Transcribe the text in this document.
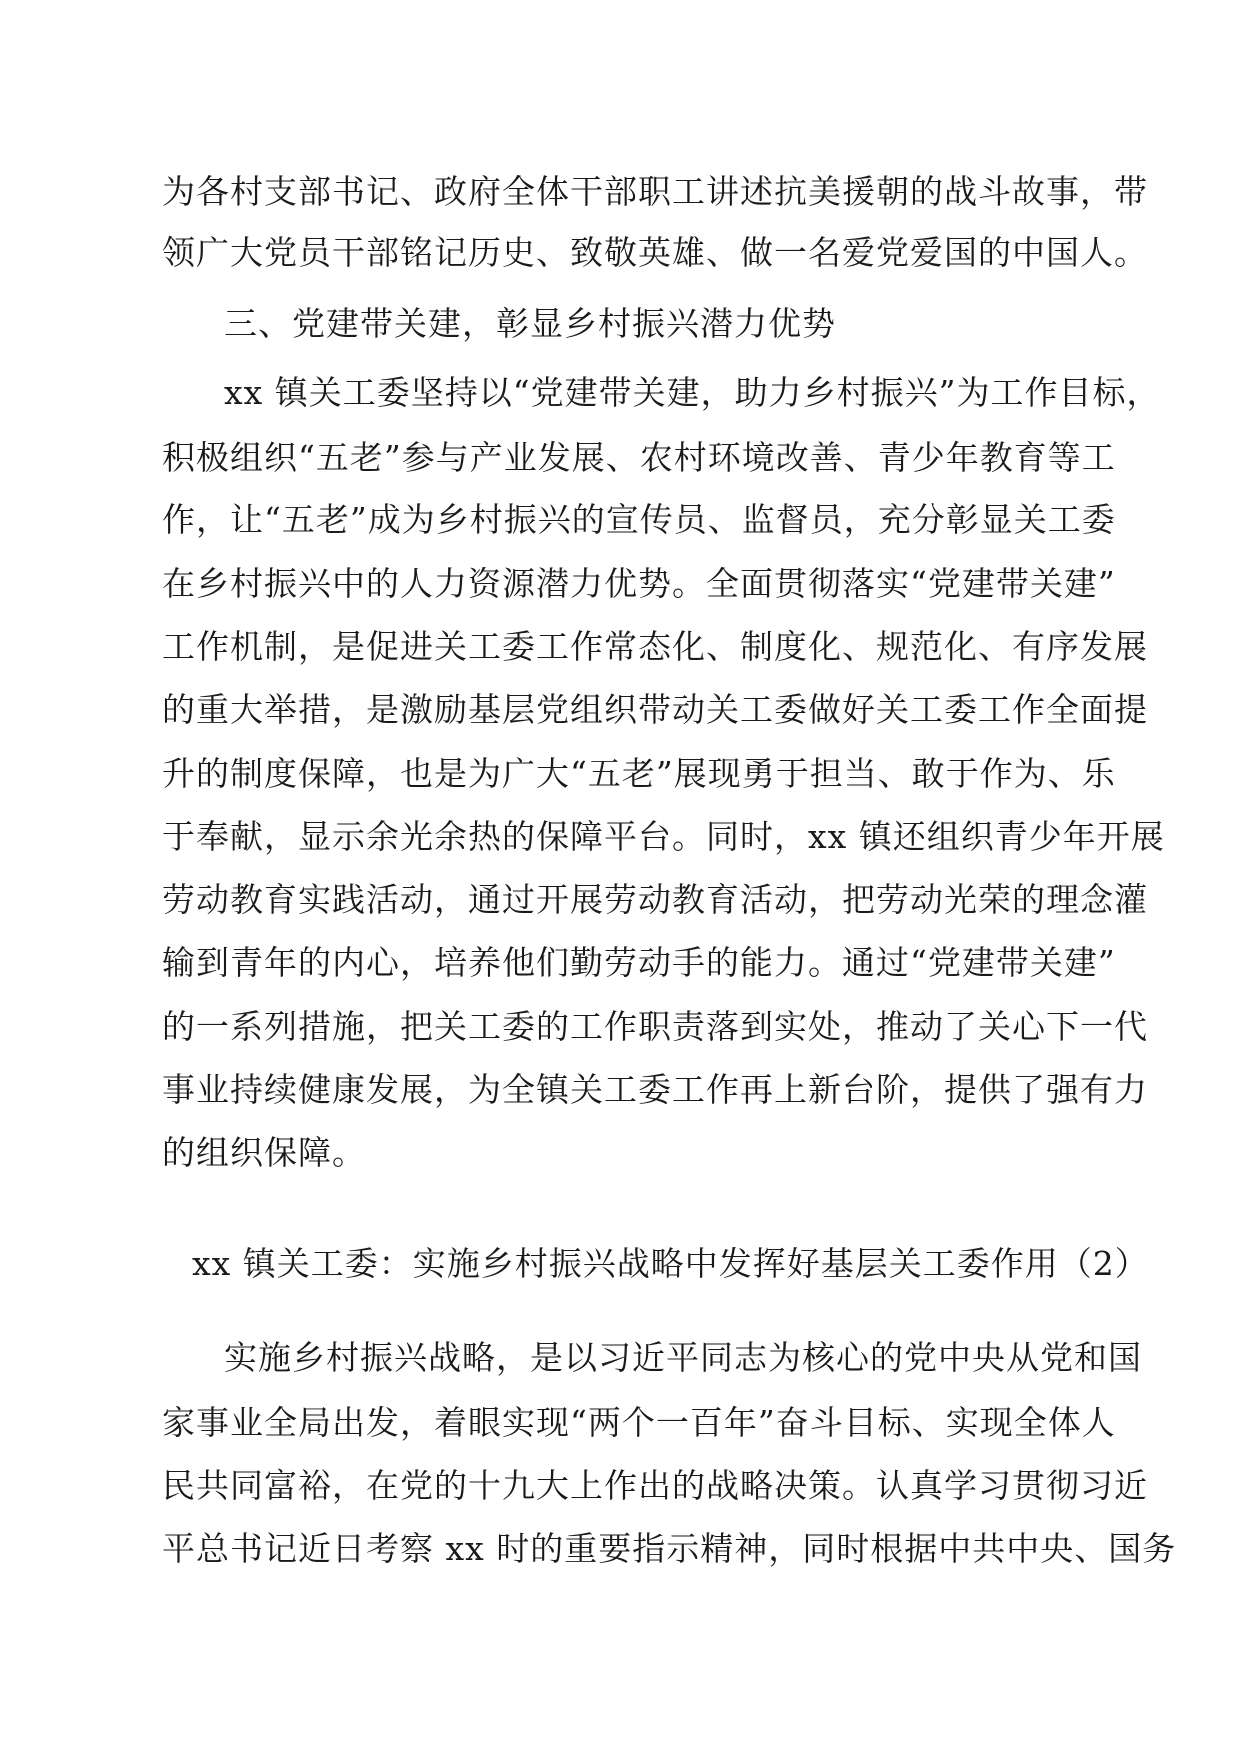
为各村支部书记、政府全体干部职工讲述抗美援朝的战斗故事，带

领广大党员干部铭记历史、致敬英雄、做一名爱党爱国的中国人。

三、党建带关建，彰显乡村振兴潜力优势

xx 镇关工委坚持以“党建带关建，助力乡村振兴”为工作目标，

积极组织“五老”参与产业发展、农村环境改善、青少年教育等工

作，让“五老”成为乡村振兴的宣传员、监督员，充分彰显关工委

在乡村振兴中的人力资源潜力优势。全面贯彻落实“党建带关建”

工作机制，是促进关工委工作常态化、制度化、规范化、有序发展

的重大举措，是激励基层党组织带动关工委做好关工委工作全面提

升的制度保障，也是为广大“五老”展现勇于担当、敢于作为、乐

于奉献，显示余光余热的保障平台。同时，xx 镇还组织青少年开展

劳动教育实践活动，通过开展劳动教育活动，把劳动光荣的理念灌

输到青年的内心，培养他们勤劳动手的能力。通过“党建带关建”

的一系列措施，把关工委的工作职责落到实处，推动了关心下一代

事业持续健康发展，为全镇关工委工作再上新台阶，提供了强有力

的组织保障。

xx 镇关工委：实施乡村振兴战略中发挥好基层关工委作用（2）

实施乡村振兴战略，是以习近平同志为核心的党中央从党和国

家事业全局出发，着眼实现“两个一百年”奋斗目标、实现全体人

民共同富裕，在党的十九大上作出的战略决策。认真学习贯彻习近

平总书记近日考察 xx 时的重要指示精神，同时根据中共中央、国务
